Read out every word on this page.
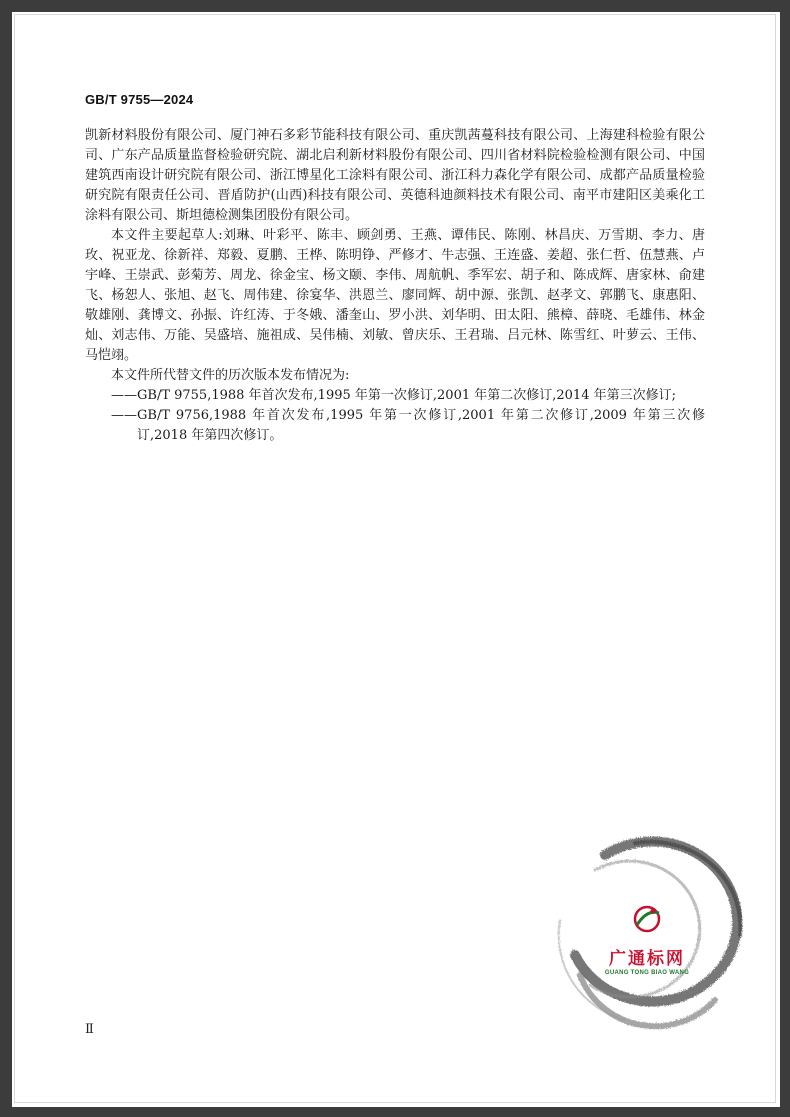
GB/T 9755—2024

凯新材料股份有限公司、厦门神石多彩节能科技有限公司、重庆凯茜蔓科技有限公司、上海建科检验有限公司、广东产品质量监督检验研究院、湖北启利新材料股份有限公司、四川省材料院检验检测有限公司、中国建筑西南设计研究院有限公司、浙江博星化工涂料有限公司、浙江科力森化学有限公司、成都产品质量检验研究院有限责任公司、晋盾防护(山西)科技有限公司、英德科迪颜料技术有限公司、南平市建阳区美乘化工涂料有限公司、斯坦德检测集团股份有限公司。

本文件主要起草人:刘琳、叶彩平、陈丰、顾剑勇、王燕、谭伟民、陈刚、林昌庆、万雪期、李力、唐玫、祝亚龙、徐新祥、郑毅、夏鹏、王桦、陈明铮、严修才、牛志强、王连盛、姜超、张仁哲、伍慧燕、卢宇峰、王崇武、彭菊芳、周龙、徐金宝、杨文颐、李伟、周航帆、季军宏、胡子和、陈成辉、唐家林、俞建飞、杨恕人、张旭、赵飞、周伟建、徐宴华、洪恩兰、廖同辉、胡中源、张凯、赵孝文、郭鹏飞、康惠阳、敬雄刚、龚博文、孙振、许红涛、于冬娥、潘奎山、罗小洪、刘华明、田太阳、熊樟、薛晓、毛雄伟、林金灿、刘志伟、万能、吴盛培、施祖成、吴伟楠、刘敏、曾庆乐、王君瑞、吕元林、陈雪红、叶萝云、王伟、马恺翊。

本文件所代替文件的历次版本发布情况为:

——GB/T 9755,1988 年首次发布,1995 年第一次修订,2001 年第二次修订,2014 年第三次修订;

——GB/T 9756,1988 年首次发布,1995 年第一次修订,2001 年第二次修订,2009 年第三次修订,2018 年第四次修订。

广通标网
GUANG TONG BIAO WANG
Ⅱ
